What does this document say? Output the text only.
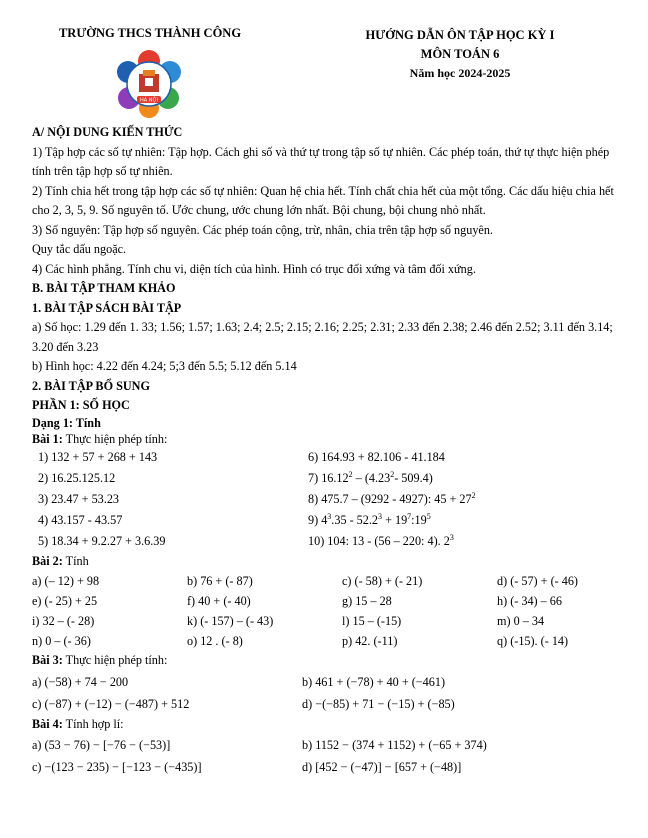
TRƯỜNG THCS THÀNH CÔNG	HƯỚNG DẪN ÔN TẬP HỌC KỲ I
MÔN TOÁN 6
Năm học 2024-2025
HÀ NỘI
A/ NỘI DUNG KIẾN THỨC

1) Tập hợp các số tự nhiên: Tập hợp. Cách ghi số và thứ tự trong tập số tự nhiên. Các phép toán, thứ tự thực hiện phép tính trên tập hợp số tự nhiên.

2) Tính chia hết trong tập hợp các số tự nhiên: Quan hệ chia hết. Tính chất chia hết của một tổng. Các dấu hiệu chia hết cho 2, 3, 5, 9. Số nguyên tố. Ước chung, ước chung lớn nhất. Bội chung, bội chung nhỏ nhất.

3) Số nguyên: Tập hợp số nguyên. Các phép toán cộng, trừ, nhân, chia trên tập hợp số nguyên.

Quy tắc dấu ngoặc.

4) Các hình phẳng. Tính chu vi, diện tích của hình. Hình có trục đối xứng và tâm đối xứng.

B. BÀI TẬP THAM KHẢO
1. BÀI TẬP SÁCH BÀI TẬP

a) Số học: 1.29 đến 1. 33; 1.56; 1.57; 1.63; 2.4; 2.5; 2.15; 2.16; 2.25; 2.31; 2.33 đến 2.38; 2.46 đến 2.52; 3.11 đến 3.14; 3.20 đến 3.23

b) Hình học: 4.22 đến 4.24; 5;3 đến 5.5; 5.12 đến 5.14

2. BÀI TẬP BỔ SUNG
PHẦN 1: SỐ HỌC
Dạng 1: Tính
Bài 1: Thực hiện phép tính:
1) 132 + 57 + 268 + 143	6) 164.93 + 82.106 - 41.184
2) 16.25.125.12	7) 16.12$^2$ – (4.23$^2$- 509.4)
3) 23.47 + 53.23	8) 475.7 – (9292 - 4927): $45 + 27^2$
4) 43.157 - 43.57	9) $4^3.35 - 52.2^3$ + $19^7:19^5$
5) 18.34 + 9.2.27 + 3.6.39	10) 104: 13 - (56 – 220: 4). $2^3$
Bài 2: Tính
a) (– 12) + 98	b) 76 + (- 87)	c) (- 58) + (- 21)	d) (- 57) + (- 46)
e) (- 25) + 25	f) 40 + (- 40)	g) 15 – 28	h) (- 34) – 66
i) 32 – (- 28)	k) (- 157) – (- 43)	l) 15 – (-15)	m) 0 – 34
n) 0 – (- 36)	o) 12 . (- 8)	p) 42. (-11)	q) (-15). (- 14)
Bài 3: Thực hiện phép tính:
a) (−58) + 74 − 200	b) 461 + (−78) + 40 + (−461)
c) (−87) + (−12) − (−487) + 512	d) −(−85) + 71 − (−15) + (−85)
Bài 4: Tính hợp lí:
a) (53 − 76) − [−76 − (−53)]	b) 1152 − (374 + 1152) + (−65 + 374)
c) −(123 − 235) − [−123 − (−435)]	d) [452 − (−47)] − [657 + (−48)]
